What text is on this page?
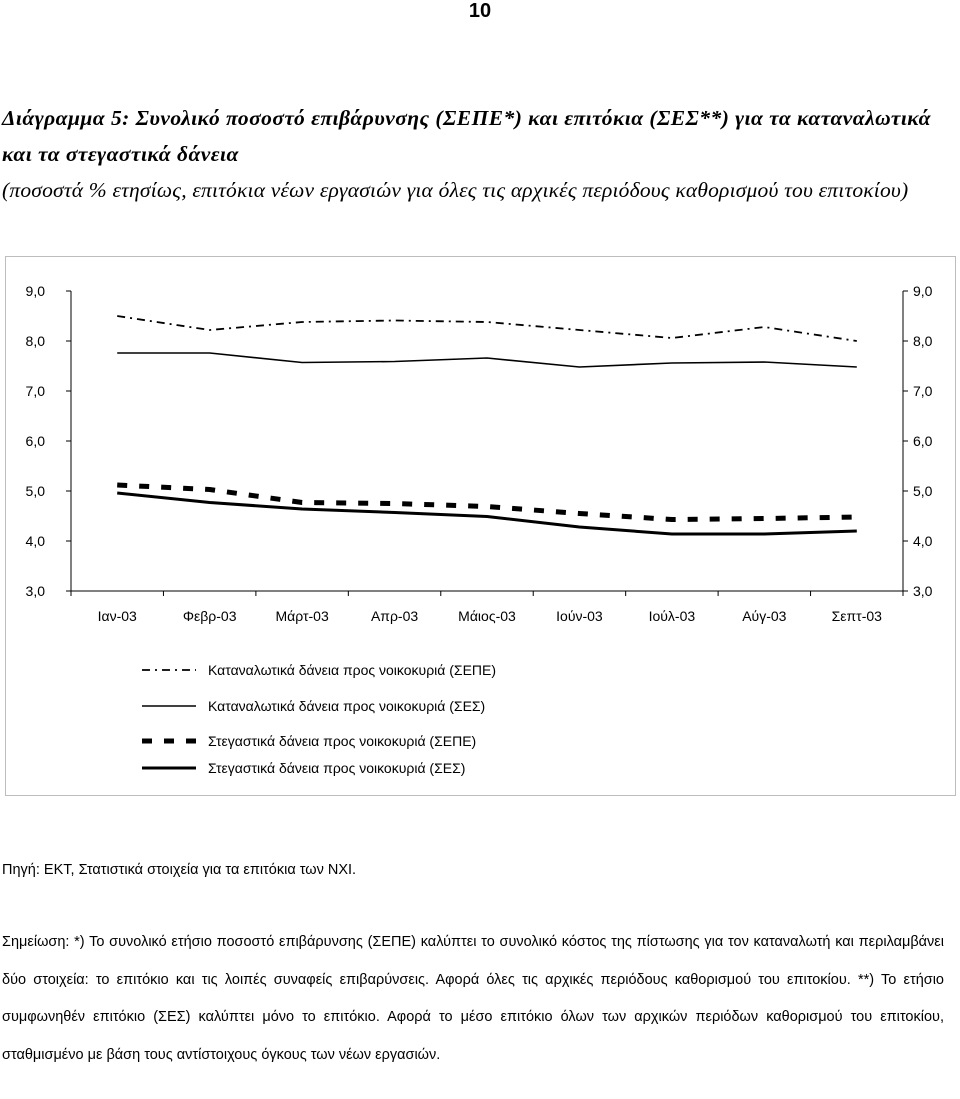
10
Διάγραμμα 5: Συνολικό ποσοστό επιβάρυνσης (ΣΕΠΕ*) και επιτόκια (ΣΕΣ**) για τα καταναλωτικά και τα στεγαστικά δάνεια
(ποσοστά % ετησίως, επιτόκια νέων εργασιών για όλες τις αρχικές περιόδους καθορισμού του επιτοκίου)
3,0	3,0
4,0	4,0
5,0	5,0
6,0	6,0
7,0	7,0
8,0	8,0
9,0	9,0
Ιαν-03	Φεβρ-03	Μάρτ-03	Απρ-03	Μάιος-03	Ιούν-03	Ιούλ-03	Αύγ-03	Σεπτ-03
Καταναλωτικά δάνεια προς νοικοκυριά (ΣΕΠΕ)
Καταναλωτικά δάνεια προς νοικοκυριά (ΣΕΣ)
Στεγαστικά δάνεια προς νοικοκυριά (ΣΕΠΕ)
Στεγαστικά δάνεια προς νοικοκυριά (ΣΕΣ)
Πηγή: ΕΚΤ, Στατιστικά στοιχεία για τα επιτόκια των ΝΧΙ.
Σημείωση: *) Το συνολικό ετήσιο ποσοστό επιβάρυνσης (ΣΕΠΕ) καλύπτει το συνολικό κόστος της πίστωσης για τον καταναλωτή και περιλαμβάνει δύο στοιχεία: το επιτόκιο και τις λοιπές συναφείς επιβαρύνσεις. Αφορά όλες τις αρχικές περιόδους καθορισμού του επιτοκίου. **) Το ετήσιο συμφωνηθέν επιτόκιο (ΣΕΣ) καλύπτει μόνο το επιτόκιο. Αφορά το μέσο επιτόκιο όλων των αρχικών περιόδων καθορισμού του επιτοκίου, σταθμισμένο με βάση τους αντίστοιχους όγκους των νέων εργασιών.
